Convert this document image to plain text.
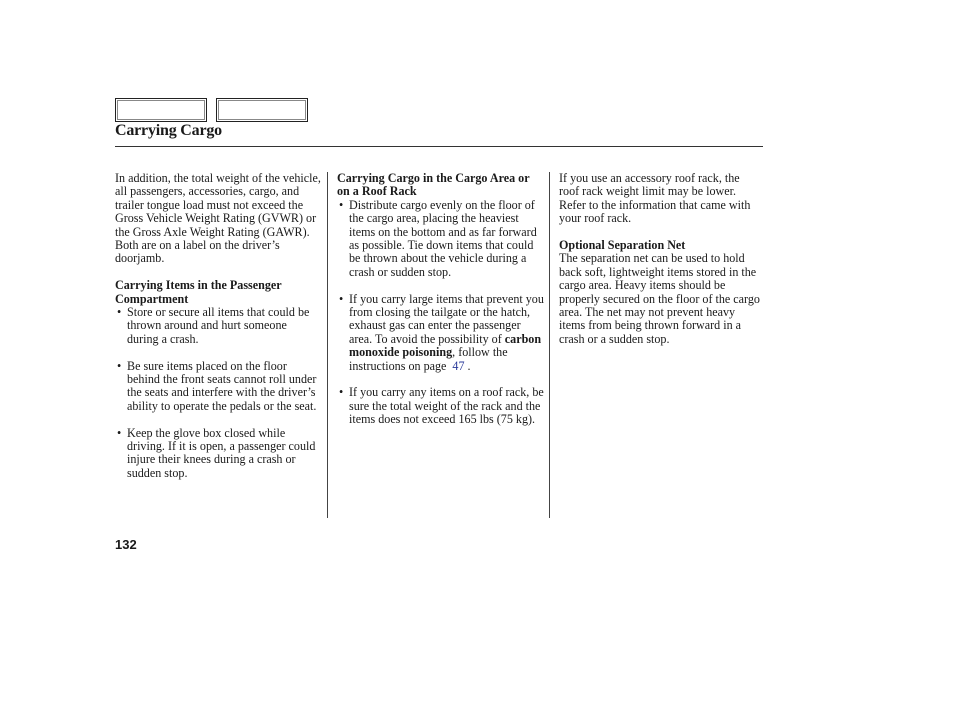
Carrying Cargo

In addition, the total weight of the vehicle, all passengers, accessories, cargo, and trailer tongue load must not exceed the Gross Vehicle Weight Rating (GVWR) or the Gross Axle Weight Rating (GAWR). Both are on a label on the driver’s doorjamb.

Carrying Items in the Passenger Compartment

• Store or secure all items that could be thrown around and hurt someone during a crash.
• Be sure items placed on the floor behind the front seats cannot roll under the seats and interfere with the driver’s ability to operate the pedals or the seat.
• Keep the glove box closed while driving. If it is open, a passenger could injure their knees during a crash or sudden stop.

Carrying Cargo in the Cargo Area or on a Roof Rack

• Distribute cargo evenly on the floor of the cargo area, placing the heaviest items on the bottom and as far forward as possible. Tie down items that could be thrown about the vehicle during a crash or sudden stop.
• If you carry large items that prevent you from closing the tailgate or the hatch, exhaust gas can enter the passenger area. To avoid the possibility of carbon monoxide poisoning, follow the instructions on page 47 .
• If you carry any items on a roof rack, be sure the total weight of the rack and the items does not exceed 165 lbs (75 kg).

If you use an accessory roof rack, the roof rack weight limit may be lower. Refer to the information that came with your roof rack.

Optional Separation Net

The separation net can be used to hold back soft, lightweight items stored in the cargo area. Heavy items should be properly secured on the floor of the cargo area. The net may not prevent heavy items from being thrown forward in a crash or a sudden stop.

132
